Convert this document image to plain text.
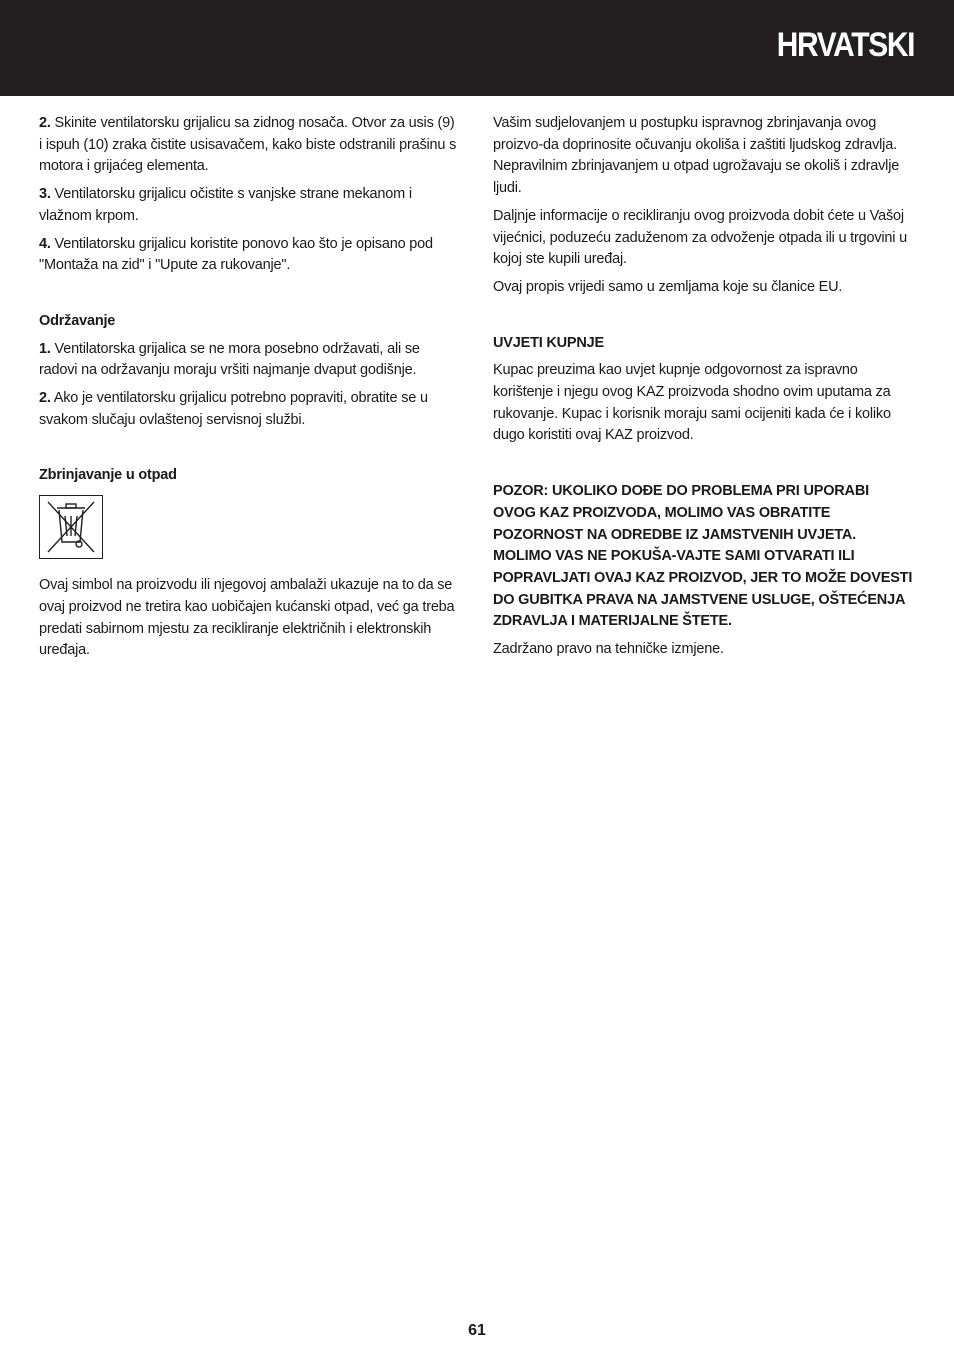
HRVATSKI

2. Skinite ventilatorsku grijalicu sa zidnog nosača. Otvor za usis (9) i ispuh (10) zraka čistite usisavačem, kako biste odstranili prašinu s motora i grijaćeg elementa.

3. Ventilatorsku grijalicu očistite s vanjske strane mekanom i vlažnom krpom.

4. Ventilatorsku grijalicu koristite ponovo kao što je opisano pod "Montaža na zid" i "Upute za rukovanje".

Održavanje

1. Ventilatorska grijalica se ne mora posebno održavati, ali se radovi na održavanju moraju vršiti najmanje dvaput godišnje.

2. Ako je ventilatorsku grijalicu potrebno popraviti, obratite se u svakom slučaju ovlaštenoj servisnoj službi.

Zbrinjavanje u otpad

Ovaj simbol na proizvodu ili njegovoj ambalaži ukazuje na to da se ovaj proizvod ne tretira kao uobičajen kućanski otpad, već ga treba predati sabirnom mjestu za recikliranje električnih i elektronskih uređaja.

Vašim sudjelovanjem u postupku ispravnog zbrinjavanja ovog proizvo-da doprinosite očuvanju okoliša i zaštiti ljudskog zdravlja. Nepravilnim zbrinjavanjem u otpad ugrožavaju se okoliš i zdravlje ljudi.

Daljnje informacije o recikliranju ovog proizvoda dobit ćete u Vašoj vijećnici, poduzeću zaduženom za odvoženje otpada ili u trgovini u kojoj ste kupili uređaj.

Ovaj propis vrijedi samo u zemljama koje su članice EU.

UVJETI KUPNJE

Kupac preuzima kao uvjet kupnje odgovornost za ispravno korištenje i njegu ovog KAZ proizvoda shodno ovim uputama za rukovanje. Kupac i korisnik moraju sami ocijeniti kada će i koliko dugo koristiti ovaj KAZ proizvod.

POZOR: UKOLIKO DOĐE DO PROBLEMA PRI UPORABI OVOG KAZ PROIZVODA, MOLIMO VAS OBRATITE POZORNOST NA ODREDBE IZ JAMSTVENIH UVJETA. MOLIMO VAS NE POKUŠA-VAJTE SAMI OTVARATI ILI POPRAVLJATI OVAJ KAZ PROIZVOD, JER TO MOŽE DOVESTI DO GUBITKA PRAVA NA JAMSTVENE USLUGE, OŠTEĆENJA ZDRAVLJA I MATERIJALNE ŠTETE.

Zadržano pravo na tehničke izmjene.

61
